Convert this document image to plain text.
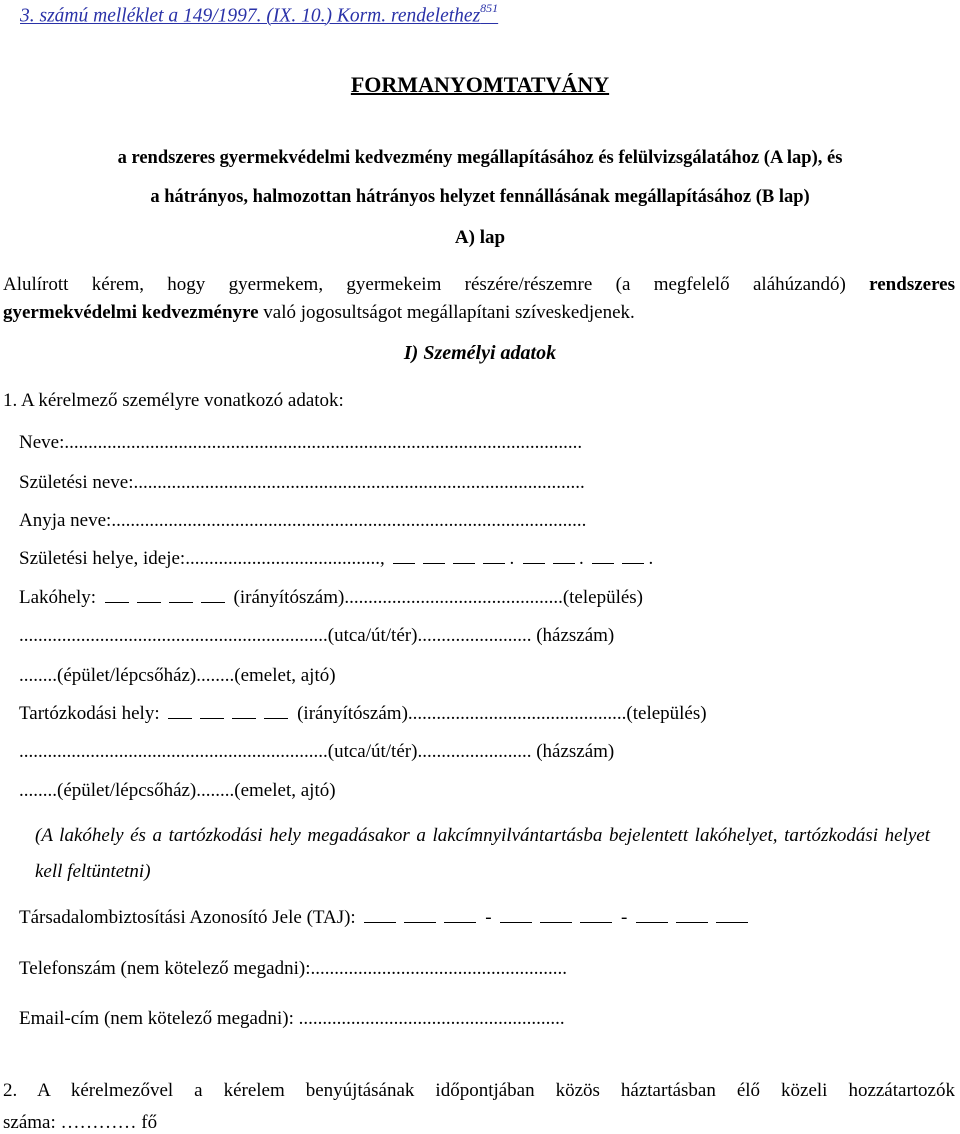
3. számú melléklet a 149/1997. (IX. 10.) Korm. rendelethez$^{851}$
FORMANYOMTATVÁNY
a rendszeres gyermekvédelmi kedvezmény megállapításához és felülvizsgálatához (A lap), és
a hátrányos, halmozottan hátrányos helyzet fennállásának megállapításához (B lap)
A) lap
Alulírott kérem, hogy gyermekem, gyermekeim részére/részemre (a megfelelő aláhúzandó) rendszeres
gyermekvédelmi kedvezményre való jogosultságot megállapítani szíveskedjenek.
I) Személyi adatok
1. A kérelmező személyre vonatkozó adatok:
Neve:.............................................................................................................
Születési neve:...............................................................................................
Anyja neve:....................................................................................................
Születési helye, ideje:.........................................,	.	.	.
Lakóhely:	(irányítószám)..............................................(település)
.................................................................(utca/út/tér)........................ (házszám)
........(épület/lépcsőház)........(emelet, ajtó)
Tartózkodási hely:	(irányítószám)..............................................(település)
.................................................................(utca/út/tér)........................ (házszám)
........(épület/lépcsőház)........(emelet, ajtó)
(A lakóhely és a tartózkodási hely megadásakor a lakcímnyilvántartásba bejelentett lakóhelyet, tartózkodási helyet kell feltüntetni)
Társadalombiztosítási Azonosító Jele (TAJ):	-	-
Telefonszám (nem kötelező megadni):......................................................
Email-cím (nem kötelező megadni): ........................................................
2. A kérelmezővel a kérelem benyújtásának időpontjában közös háztartásban élő közeli hozzátartozók
száma: ………… fő
